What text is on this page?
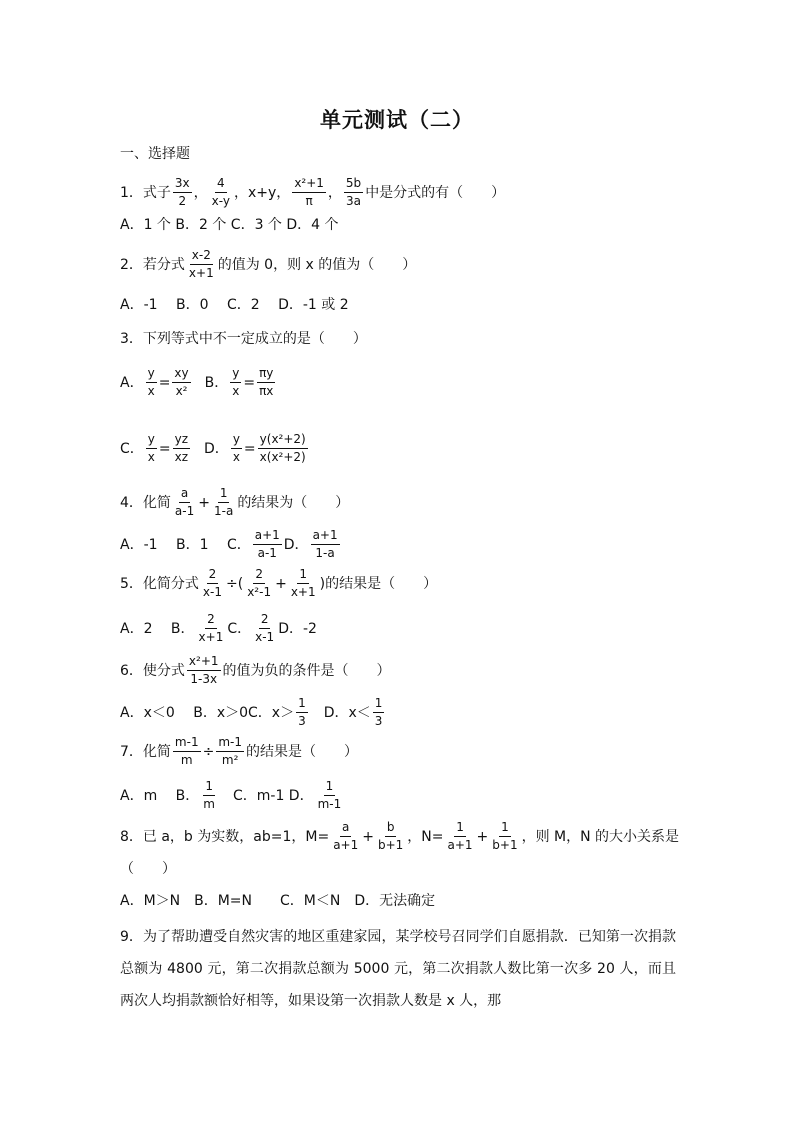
单元测试（二）
一、选择题
1．式子 $\frac{3x}{2}$ ， $\frac{4}{x-y}$ ，x+y， $\frac{\text{x²+1}}{\pi}$ ， $\frac{5b}{3a}$ 中是分式的有（　　）
A．1 个 B．2 个 C．3 个 D．4 个
2．若分式 $\frac{x-2}{x+1}$ 的值为 0，则 x 的值为（　　）
A．-1　 B．0　 C．2　 D．-1 或 2
3．下列等式中不一定成立的是（　　）
A． $\frac{y}{x} = \frac{xy}{\text{x²}}$ B． $\frac{y}{x} = \frac{\pi y}{\pi x}$
C． $\frac{y}{x} = \frac{yz}{xz}$ D． $\frac{y}{x} = \frac{\text{y(x²+2)}}{\text{x(x²+2)}}$
4．化简 $\frac{a}{a-1} + \frac{1}{1-a}$ 的结果为（　　）
A．-1　 B．1　 C． $\frac{a+1}{a-1}$ D． $\frac{a+1}{1-a}$
5．化简分式 $\frac{2}{x-1}$ ÷( $\frac{2}{\text{x²-1}} + \frac{1}{x+1}$ )的结果是（　　）
A．2　 B． $\frac{2}{x+1}$ C． $\frac{2}{x-1}$ D．-2
6．使分式 $\frac{\text{x²+1}}{1-3x}$ 的值为负的条件是（　　）
A．x＜0　 B．x＞0C．$x> \frac{1}{3}$ 　D．$x< \frac{1}{3}$
7．化简 $\frac{m-1}{m} \div \frac{m-1}{\text{m²}}$ 的结果是（　　）
A．m　 B． $\frac{1}{m}$ 　C．m-1 D． $\frac{1}{m-1}$
8．已 a，b 为实数，ab=1，$M= \frac{a}{a+1} + \frac{b}{b+1}$ ，$N= \frac{1}{a+1} + \frac{1}{b+1}$ ，则 M，N 的大小关系是
（　　）
A．M＞N　B．M=N　　C．M＜N　D．无法确定
9．为了帮助遭受自然灾害的地区重建家园，某学校号召同学们自愿捐款．已知第一次捐款总额为 4800 元，第二次捐款总额为 5000 元，第二次捐款人数比第一次多 20 人，而且两次人均捐款额恰好相等，如果设第一次捐款人数是 x 人，那
